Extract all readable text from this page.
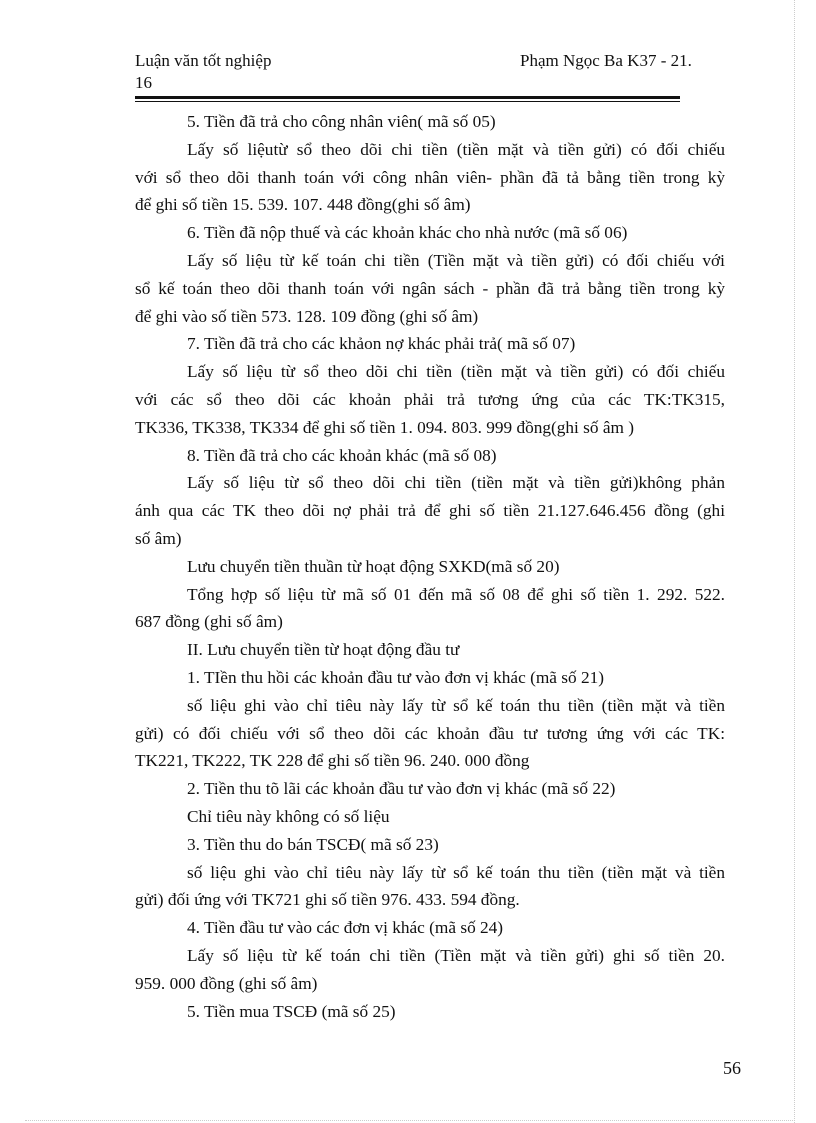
Luận văn tốt nghiệp
16
Phạm Ngọc Ba K37 - 21.
5. Tiền đã trả cho công nhân viên( mã số 05)
Lấy số liệutừ sổ theo dõi chi tiền (tiền mặt và tiền gửi) có đối chiếu
với sổ theo dõi thanh toán với công nhân viên- phần đã tả bằng tiền trong kỳ
để ghi số tiền 15. 539. 107. 448 đồng(ghi số âm)
6. Tiền đã nộp thuế và các khoản khác cho nhà nước (mã số 06)
Lấy số liệu từ kế toán chi tiền (Tiền mặt và tiền gửi) có đối chiếu với
sổ kế toán theo dõi thanh toán với ngân sách - phần đã trả bằng tiền trong kỳ
để ghi vào số tiền 573. 128. 109 đồng (ghi số âm)
7. Tiền đã trả cho các khảon nợ khác phải trả( mã số 07)
Lấy số liệu từ sổ theo dõi chi tiền (tiền mặt và tiền gửi) có đối chiếu
với các sổ theo dõi các khoản phải trả tương ứng của các TK:TK315,
TK336, TK338, TK334 để ghi số tiền 1. 094. 803. 999 đồng(ghi số âm )
8. Tiền đã trả cho các khoản khác (mã số 08)
Lấy số liệu từ sổ theo dõi chi tiền (tiền mặt và tiền gửi)không phản
ánh qua các TK theo dõi nợ phải trả để ghi số tiền 21.127.646.456 đồng (ghi
số âm)
Lưu chuyển tiền thuần từ hoạt động SXKD(mã số 20)
Tổng hợp số liệu từ mã số 01 đến mã số 08 để ghi số tiền 1. 292. 522.
687 đồng (ghi số âm)
II. Lưu chuyển tiền từ hoạt động đầu tư
1. TIền thu hồi các khoản đầu tư vào đơn vị khác (mã số 21)
số liệu ghi vào chỉ tiêu này lấy từ sổ kế toán thu tiền (tiền mặt và tiền
gửi) có đối chiếu với sổ theo dõi các khoản đầu tư tương ứng với các TK:
TK221, TK222, TK 228 để ghi số tiền 96. 240. 000 đồng
2. Tiền thu tõ lãi các khoản đầu tư vào đơn vị khác (mã số 22)
Chỉ tiêu này không có số liệu
3. Tiền thu do bán TSCĐ( mã số 23)
số liệu ghi vào chỉ tiêu này lấy từ sổ kế toán thu tiền (tiền mặt và tiền
gửi) đối ứng với TK721 ghi số tiền 976. 433. 594 đồng.
4. Tiền đầu tư vào các đơn vị khác (mã số 24)
Lấy số liệu từ kế toán chi tiền (Tiền mặt và tiền gửi) ghi số tiền 20.
959. 000 đồng (ghi số âm)
5. Tiền mua TSCĐ (mã số 25)
56
